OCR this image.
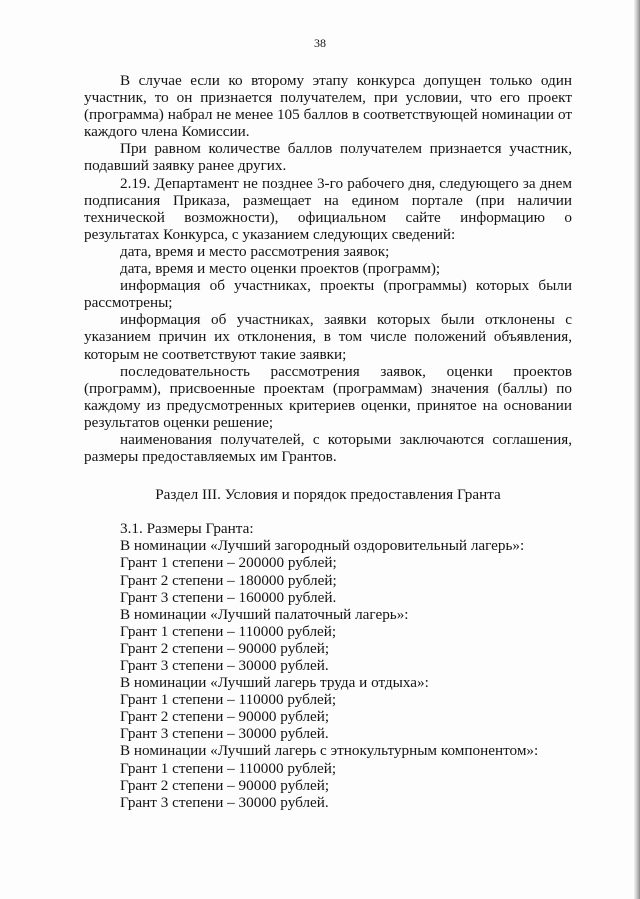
38

В случае если ко второму этапу конкурса допущен только один участник, то он признается получателем, при условии, что его проект (программа) набрал не менее 105 баллов в соответствующей номинации от каждого члена Комиссии.

При равном количестве баллов получателем признается участник, подавший заявку ранее других.

2.19. Департамент не позднее 3-го рабочего дня, следующего за днем подписания Приказа, размещает на едином портале (при наличии технической возможности), официальном сайте информацию о результатах Конкурса, с указанием следующих сведений:

дата, время и место рассмотрения заявок;

дата, время и место оценки проектов (программ);

информация об участниках, проекты (программы) которых были рассмотрены;

информация об участниках, заявки которых были отклонены с указанием причин их отклонения, в том числе положений объявления, которым не соответствуют такие заявки;

последовательность рассмотрения заявок, оценки проектов (программ), присвоенные проектам (программам) значения (баллы) по каждому из предусмотренных критериев оценки, принятое на основании результатов оценки решение;

наименования получателей, с которыми заключаются соглашения, размеры предоставляемых им Грантов.

Раздел III. Условия и порядок предоставления Гранта

3.1. Размеры Гранта:

В номинации «Лучший загородный оздоровительный лагерь»:

Грант 1 степени – 200000 рублей;

Грант 2 степени – 180000 рублей;

Грант 3 степени – 160000 рублей.

В номинации «Лучший палаточный лагерь»:

Грант 1 степени – 110000 рублей;

Грант 2 степени – 90000 рублей;

Грант 3 степени – 30000 рублей.

В номинации «Лучший лагерь труда и отдыха»:

Грант 1 степени – 110000 рублей;

Грант 2 степени – 90000 рублей;

Грант 3 степени – 30000 рублей.

В номинации «Лучший лагерь с этнокультурным компонентом»:

Грант 1 степени – 110000 рублей;

Грант 2 степени – 90000 рублей;

Грант 3 степени – 30000 рублей.
